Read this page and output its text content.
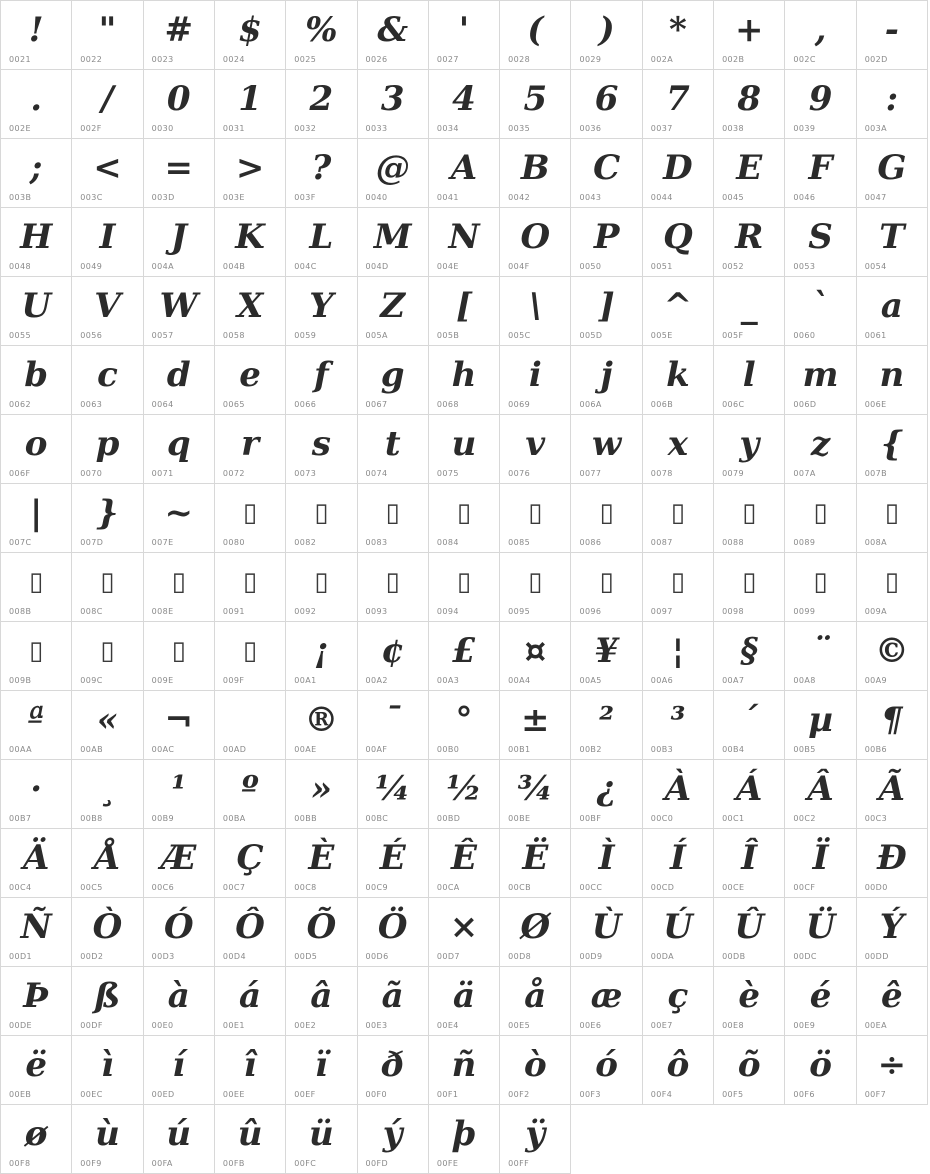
!
0021
"
0022
#
0023
$
0024
%
0025
&
0026
'
0027
(
0028
)
0029
*
002A
+
002B
,
002C
-
002D
.
002E
/
002F
0
0030
1
0031
2
0032
3
0033
4
0034
5
0035
6
0036
7
0037
8
0038
9
0039
:
003A
;
003B
<
003C
=
003D
>
003E
?
003F
@
0040
A
0041
B
0042
C
0043
D
0044
E
0045
F
0046
G
0047
H
0048
I
0049
J
004A
K
004B
L
004C
M
004D
N
004E
O
004F
P
0050
Q
0051
R
0052
S
0053
T
0054
U
0055
V
0056
W
0057
X
0058
Y
0059
Z
005A
[
005B
\
005C
]
005D
^
005E
_
005F
`
0060
a
0061
b
0062
c
0063
d
0064
e
0065
f
0066
g
0067
h
0068
i
0069
j
006A
k
006B
l
006C
m
006D
n
006E
o
006F
p
0070
q
0071
r
0072
s
0073
t
0074
u
0075
v
0076
w
0077
x
0078
y
0079
z
007A
{
007B
|
007C
}
007D
~
007E
▯
0080
▯
0082
▯
0083
▯
0084
▯
0085
▯
0086
▯
0087
▯
0088
▯
0089
▯
008A
▯
008B
▯
008C
▯
008E
▯
0091
▯
0092
▯
0093
▯
0094
▯
0095
▯
0096
▯
0097
▯
0098
▯
0099
▯
009A
▯
009B
▯
009C
▯
009E
▯
009F
¡
00A1
¢
00A2
£
00A3
¤
00A4
¥
00A5
¦
00A6
§
00A7
¨
00A8
©
00A9
ª
00AA
«
00AB
¬
00AC	00AD
®
00AE
¯
00AF
°
00B0
±
00B1
²
00B2
³
00B3
´
00B4
µ
00B5
¶
00B6
·
00B7
¸
00B8
¹
00B9
º
00BA
»
00BB
¼
00BC
½
00BD
¾
00BE
¿
00BF
À
00C0
Á
00C1
Â
00C2
Ã
00C3
Ä
00C4
Å
00C5
Æ
00C6
Ç
00C7
È
00C8
É
00C9
Ê
00CA
Ë
00CB
Ì
00CC
Í
00CD
Î
00CE
Ï
00CF
Ð
00D0
Ñ
00D1
Ò
00D2
Ó
00D3
Ô
00D4
Õ
00D5
Ö
00D6
×
00D7
Ø
00D8
Ù
00D9
Ú
00DA
Û
00DB
Ü
00DC
Ý
00DD
Þ
00DE
ß
00DF
à
00E0
á
00E1
â
00E2
ã
00E3
ä
00E4
å
00E5
æ
00E6
ç
00E7
è
00E8
é
00E9
ê
00EA
ë
00EB
ì
00EC
í
00ED
î
00EE
ï
00EF
ð
00F0
ñ
00F1
ò
00F2
ó
00F3
ô
00F4
õ
00F5
ö
00F6
÷
00F7
ø
00F8
ù
00F9
ú
00FA
û
00FB
ü
00FC
ý
00FD
þ
00FE
ÿ
00FF
